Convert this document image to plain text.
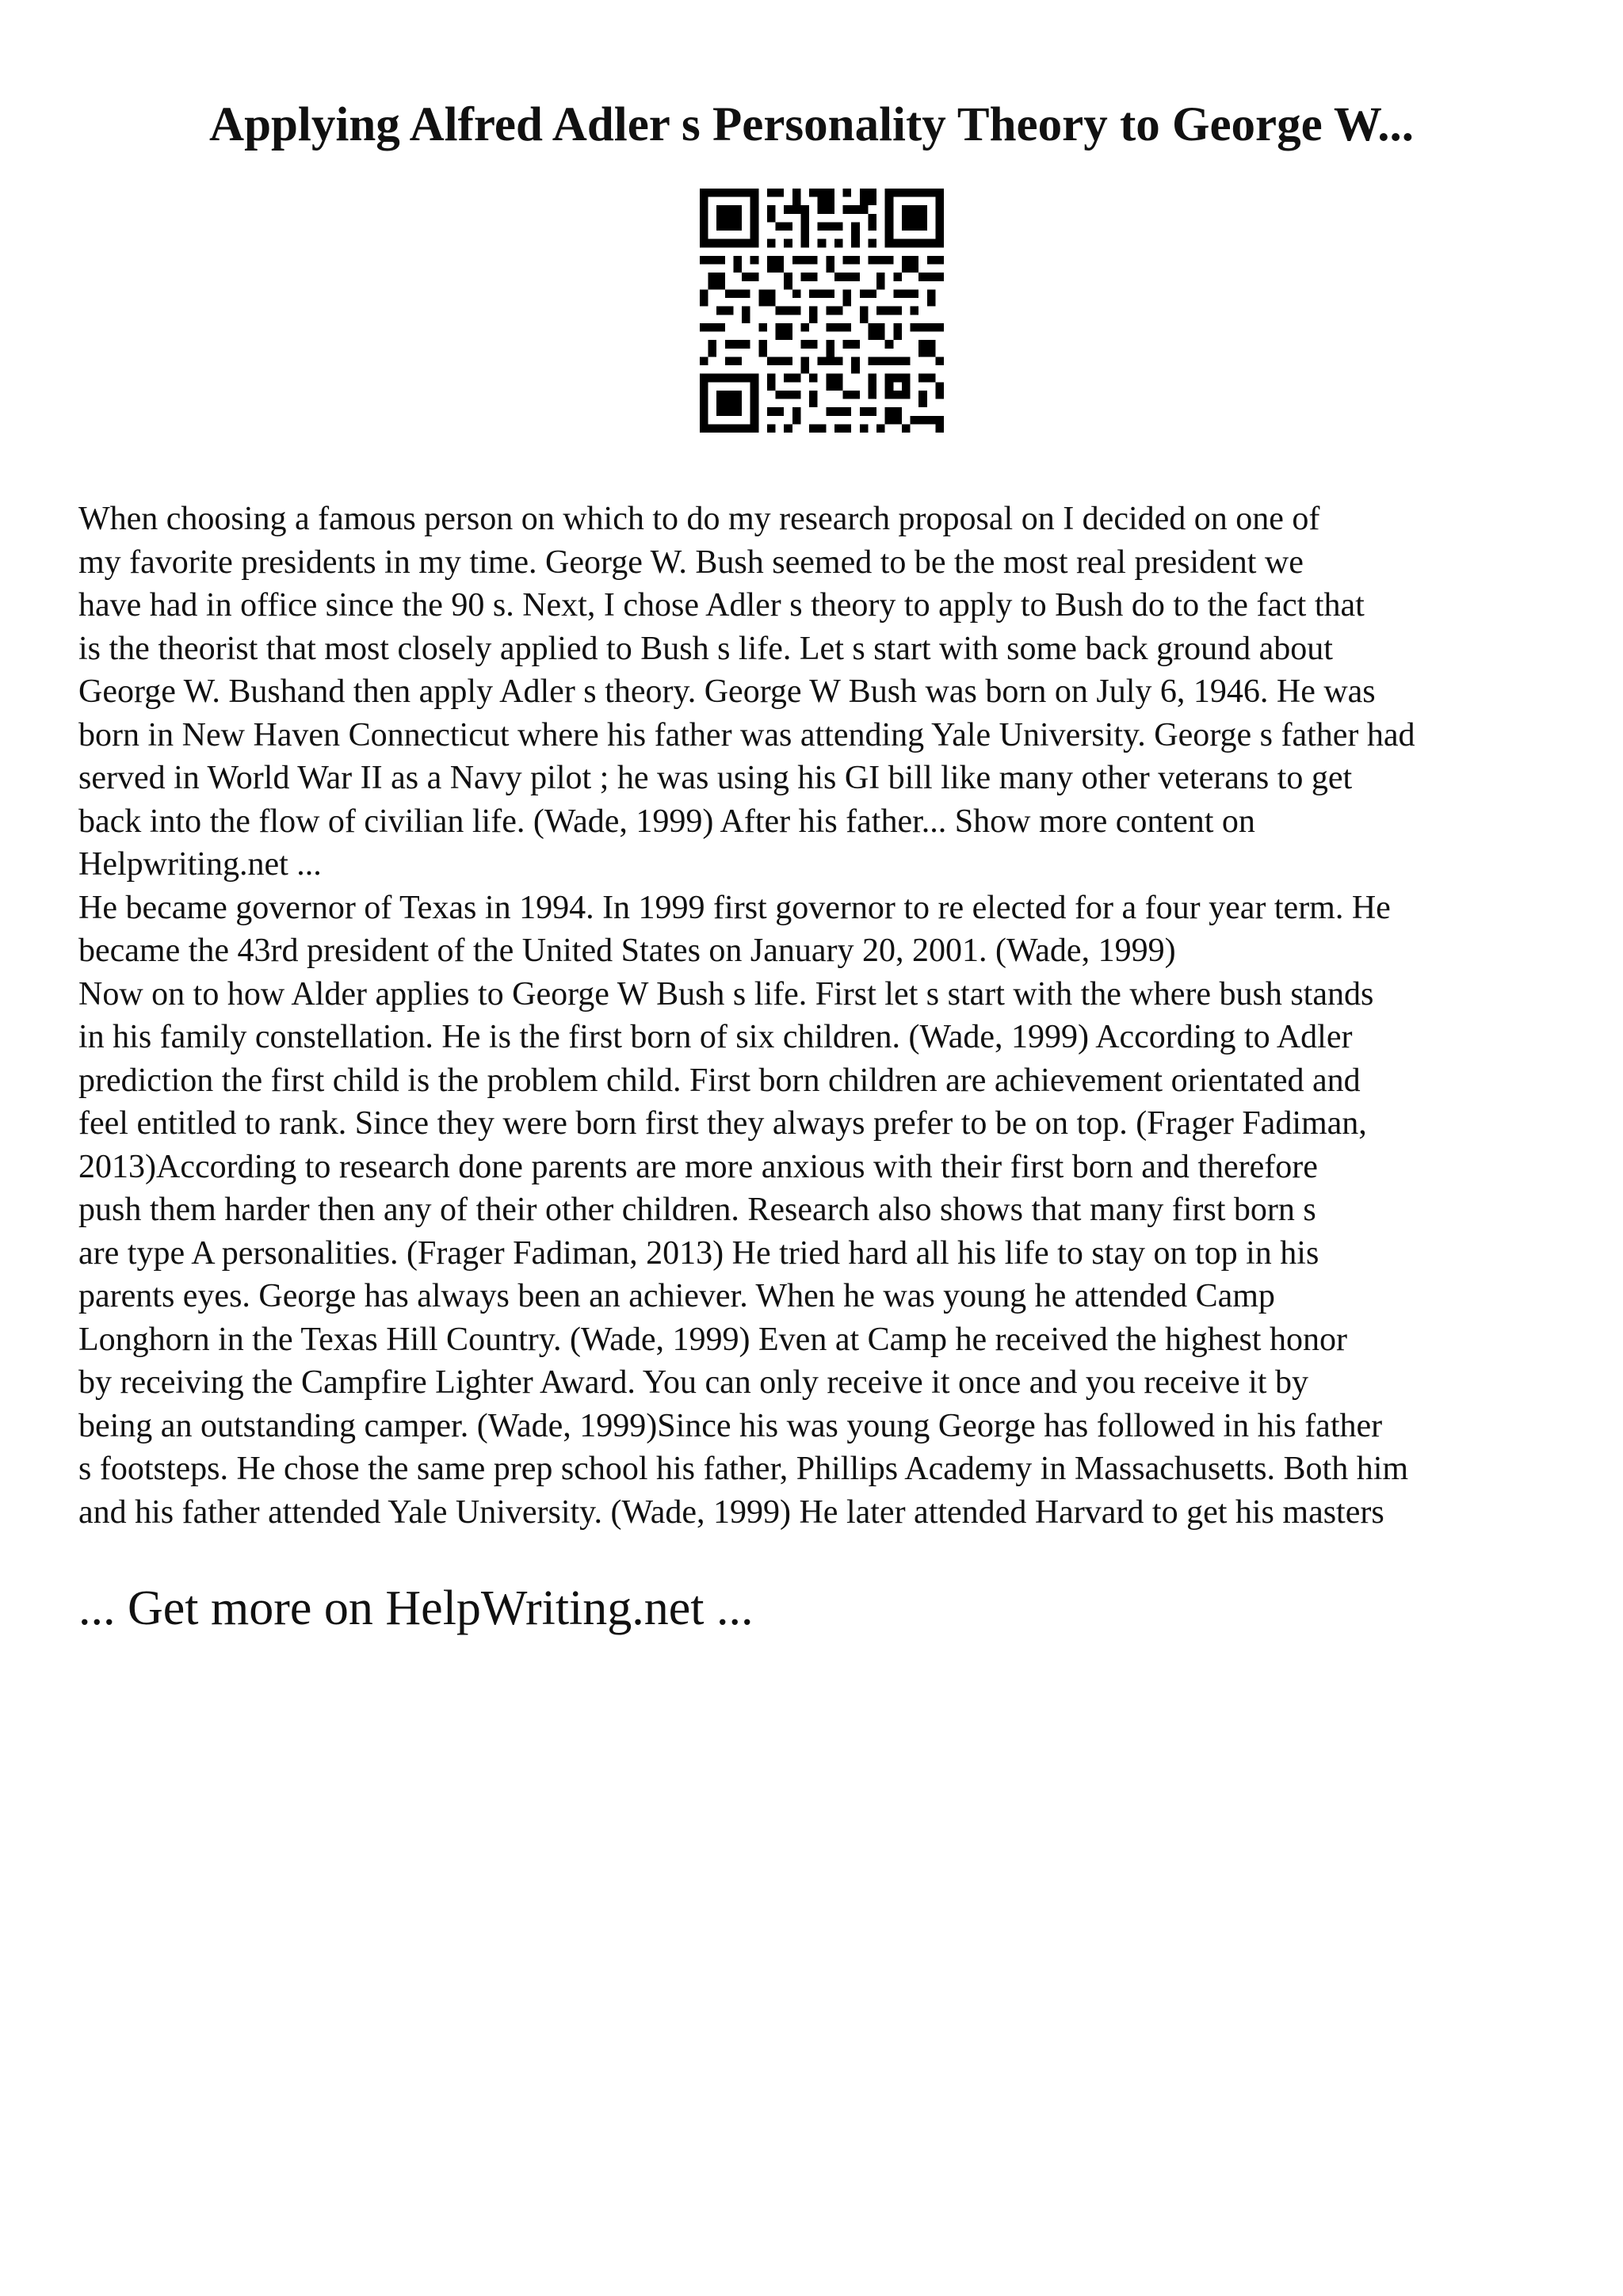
Applying Alfred Adler s Personality Theory to George W...
When choosing a famous person on which to do my research proposal on I decided on one of
my favorite presidents in my time. George W. Bush seemed to be the most real president we
have had in office since the 90 s. Next, I chose Adler s theory to apply to Bush do to the fact that
is the theorist that most closely applied to Bush s life. Let s start with some back ground about
George W. Bushand then apply Adler s theory. George W Bush was born on July 6, 1946. He was
born in New Haven Connecticut where his father was attending Yale University. George s father had
served in World War II as a Navy pilot ; he was using his GI bill like many other veterans to get
back into the flow of civilian life. (Wade, 1999) After his father... Show more content on
Helpwriting.net ...
He became governor of Texas in 1994. In 1999 first governor to re elected for a four year term. He
became the 43rd president of the United States on January 20, 2001. (Wade, 1999)
Now on to how Alder applies to George W Bush s life. First let s start with the where bush stands
in his family constellation. He is the first born of six children. (Wade, 1999) According to Adler
prediction the first child is the problem child. First born children are achievement orientated and
feel entitled to rank. Since they were born first they always prefer to be on top. (Frager Fadiman,
2013)According to research done parents are more anxious with their first born and therefore
push them harder then any of their other children. Research also shows that many first born s
are type A personalities. (Frager Fadiman, 2013) He tried hard all his life to stay on top in his
parents eyes. George has always been an achiever. When he was young he attended Camp
Longhorn in the Texas Hill Country. (Wade, 1999) Even at Camp he received the highest honor
by receiving the Campfire Lighter Award. You can only receive it once and you receive it by
being an outstanding camper. (Wade, 1999)Since his was young George has followed in his father
s footsteps. He chose the same prep school his father, Phillips Academy in Massachusetts. Both him
and his father attended Yale University. (Wade, 1999) He later attended Harvard to get his masters

... Get more on HelpWriting.net ...
